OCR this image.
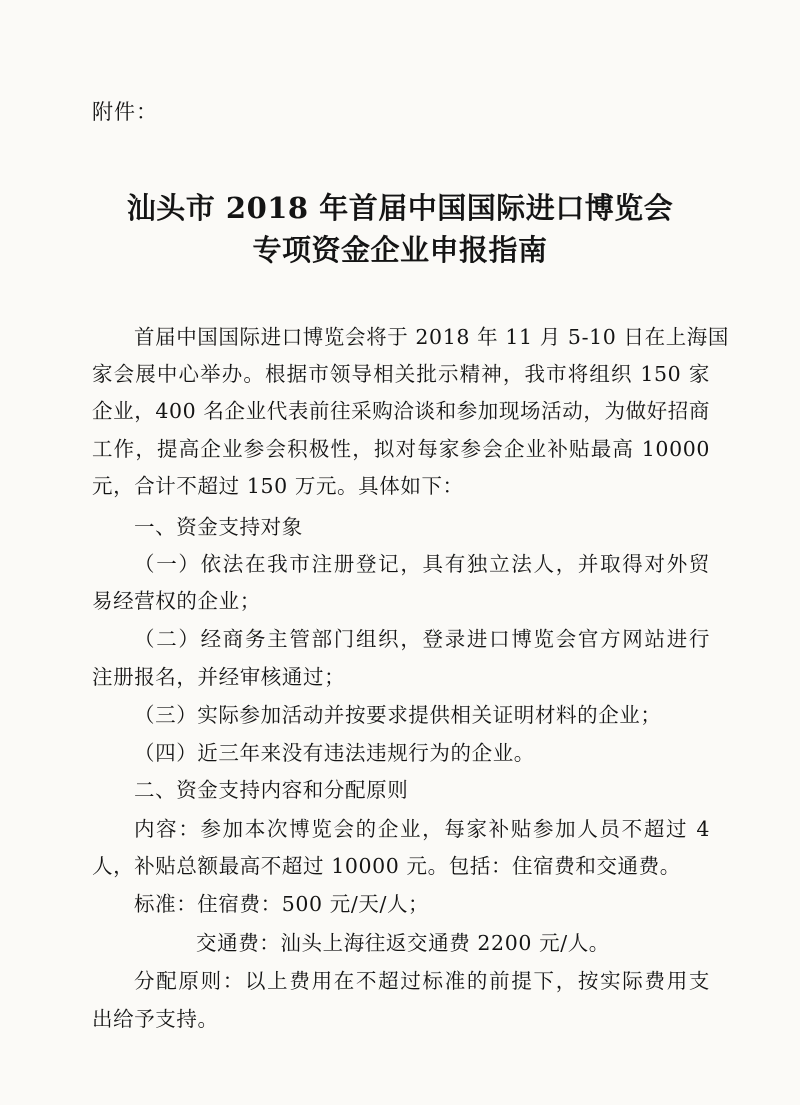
附件：
汕头市 2018 年首届中国国际进口博览会
专项资金企业申报指南
首届中国国际进口博览会将于 2018 年 11 月 5-10 日在上海国
家会展中心举办。根据市领导相关批示精神，我市将组织 150 家
企业，400 名企业代表前往采购洽谈和参加现场活动，为做好招商
工作，提高企业参会积极性，拟对每家参会企业补贴最高 10000
元，合计不超过 150 万元。具体如下：
一、资金支持对象
（一）依法在我市注册登记，具有独立法人，并取得对外贸
易经营权的企业；
（二）经商务主管部门组织，登录进口博览会官方网站进行
注册报名，并经审核通过；
（三）实际参加活动并按要求提供相关证明材料的企业；
（四）近三年来没有违法违规行为的企业。
二、资金支持内容和分配原则
内容：参加本次博览会的企业，每家补贴参加人员不超过 4
人，补贴总额最高不超过 10000 元。包括：住宿费和交通费。
标准：住宿费：500 元/天/人；
交通费：汕头上海往返交通费 2200 元/人。
分配原则：以上费用在不超过标准的前提下，按实际费用支
出给予支持。
